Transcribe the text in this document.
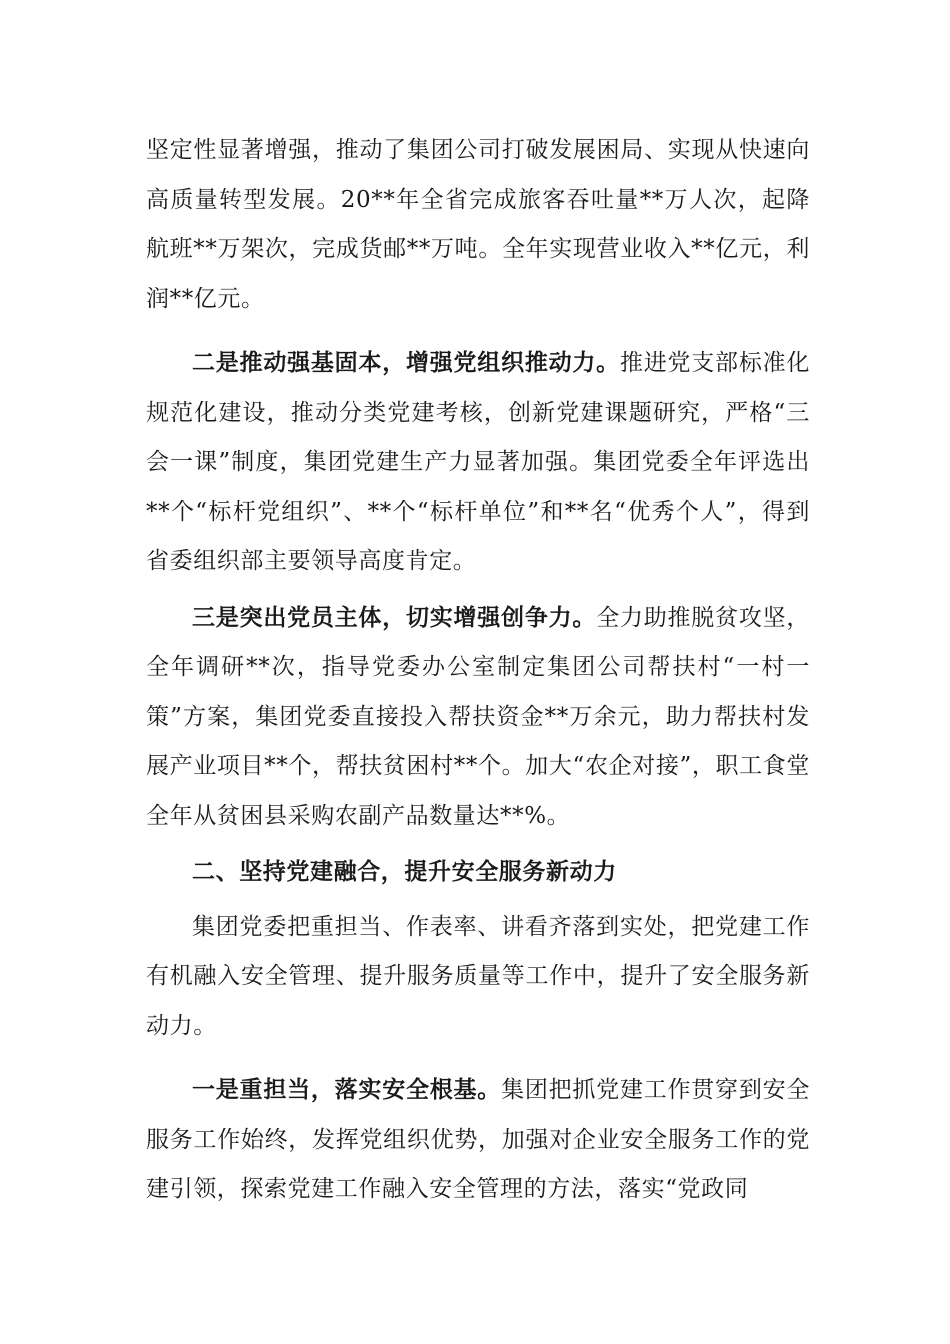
坚定性显著增强，推动了集团公司打破发展困局、实现从快速向高质量转型发展。20**年全省完成旅客吞吐量**万人次，起降航班**万架次，完成货邮**万吨。全年实现营业收入**亿元，利润**亿元。

二是推动强基固本，增强党组织推动力。推进党支部标准化规范化建设，推动分类党建考核，创新党建课题研究，严格“三会一课”制度，集团党建生产力显著加强。集团党委全年评选出**个“标杆党组织”、**个“标杆单位”和**名“优秀个人”，得到省委组织部主要领导高度肯定。

三是突出党员主体，切实增强创争力。全力助推脱贫攻坚，全年调研**次，指导党委办公室制定集团公司帮扶村“一村一策”方案，集团党委直接投入帮扶资金**万余元，助力帮扶村发展产业项目**个，帮扶贫困村**个。加大“农企对接”，职工食堂全年从贫困县采购农副产品数量达**%。

二、坚持党建融合，提升安全服务新动力

集团党委把重担当、作表率、讲看齐落到实处，把党建工作有机融入安全管理、提升服务质量等工作中，提升了安全服务新动力。

一是重担当，落实安全根基。集团把抓党建工作贯穿到安全服务工作始终，发挥党组织优势，加强对企业安全服务工作的党建引领，探索党建工作融入安全管理的方法，落实“党政同
